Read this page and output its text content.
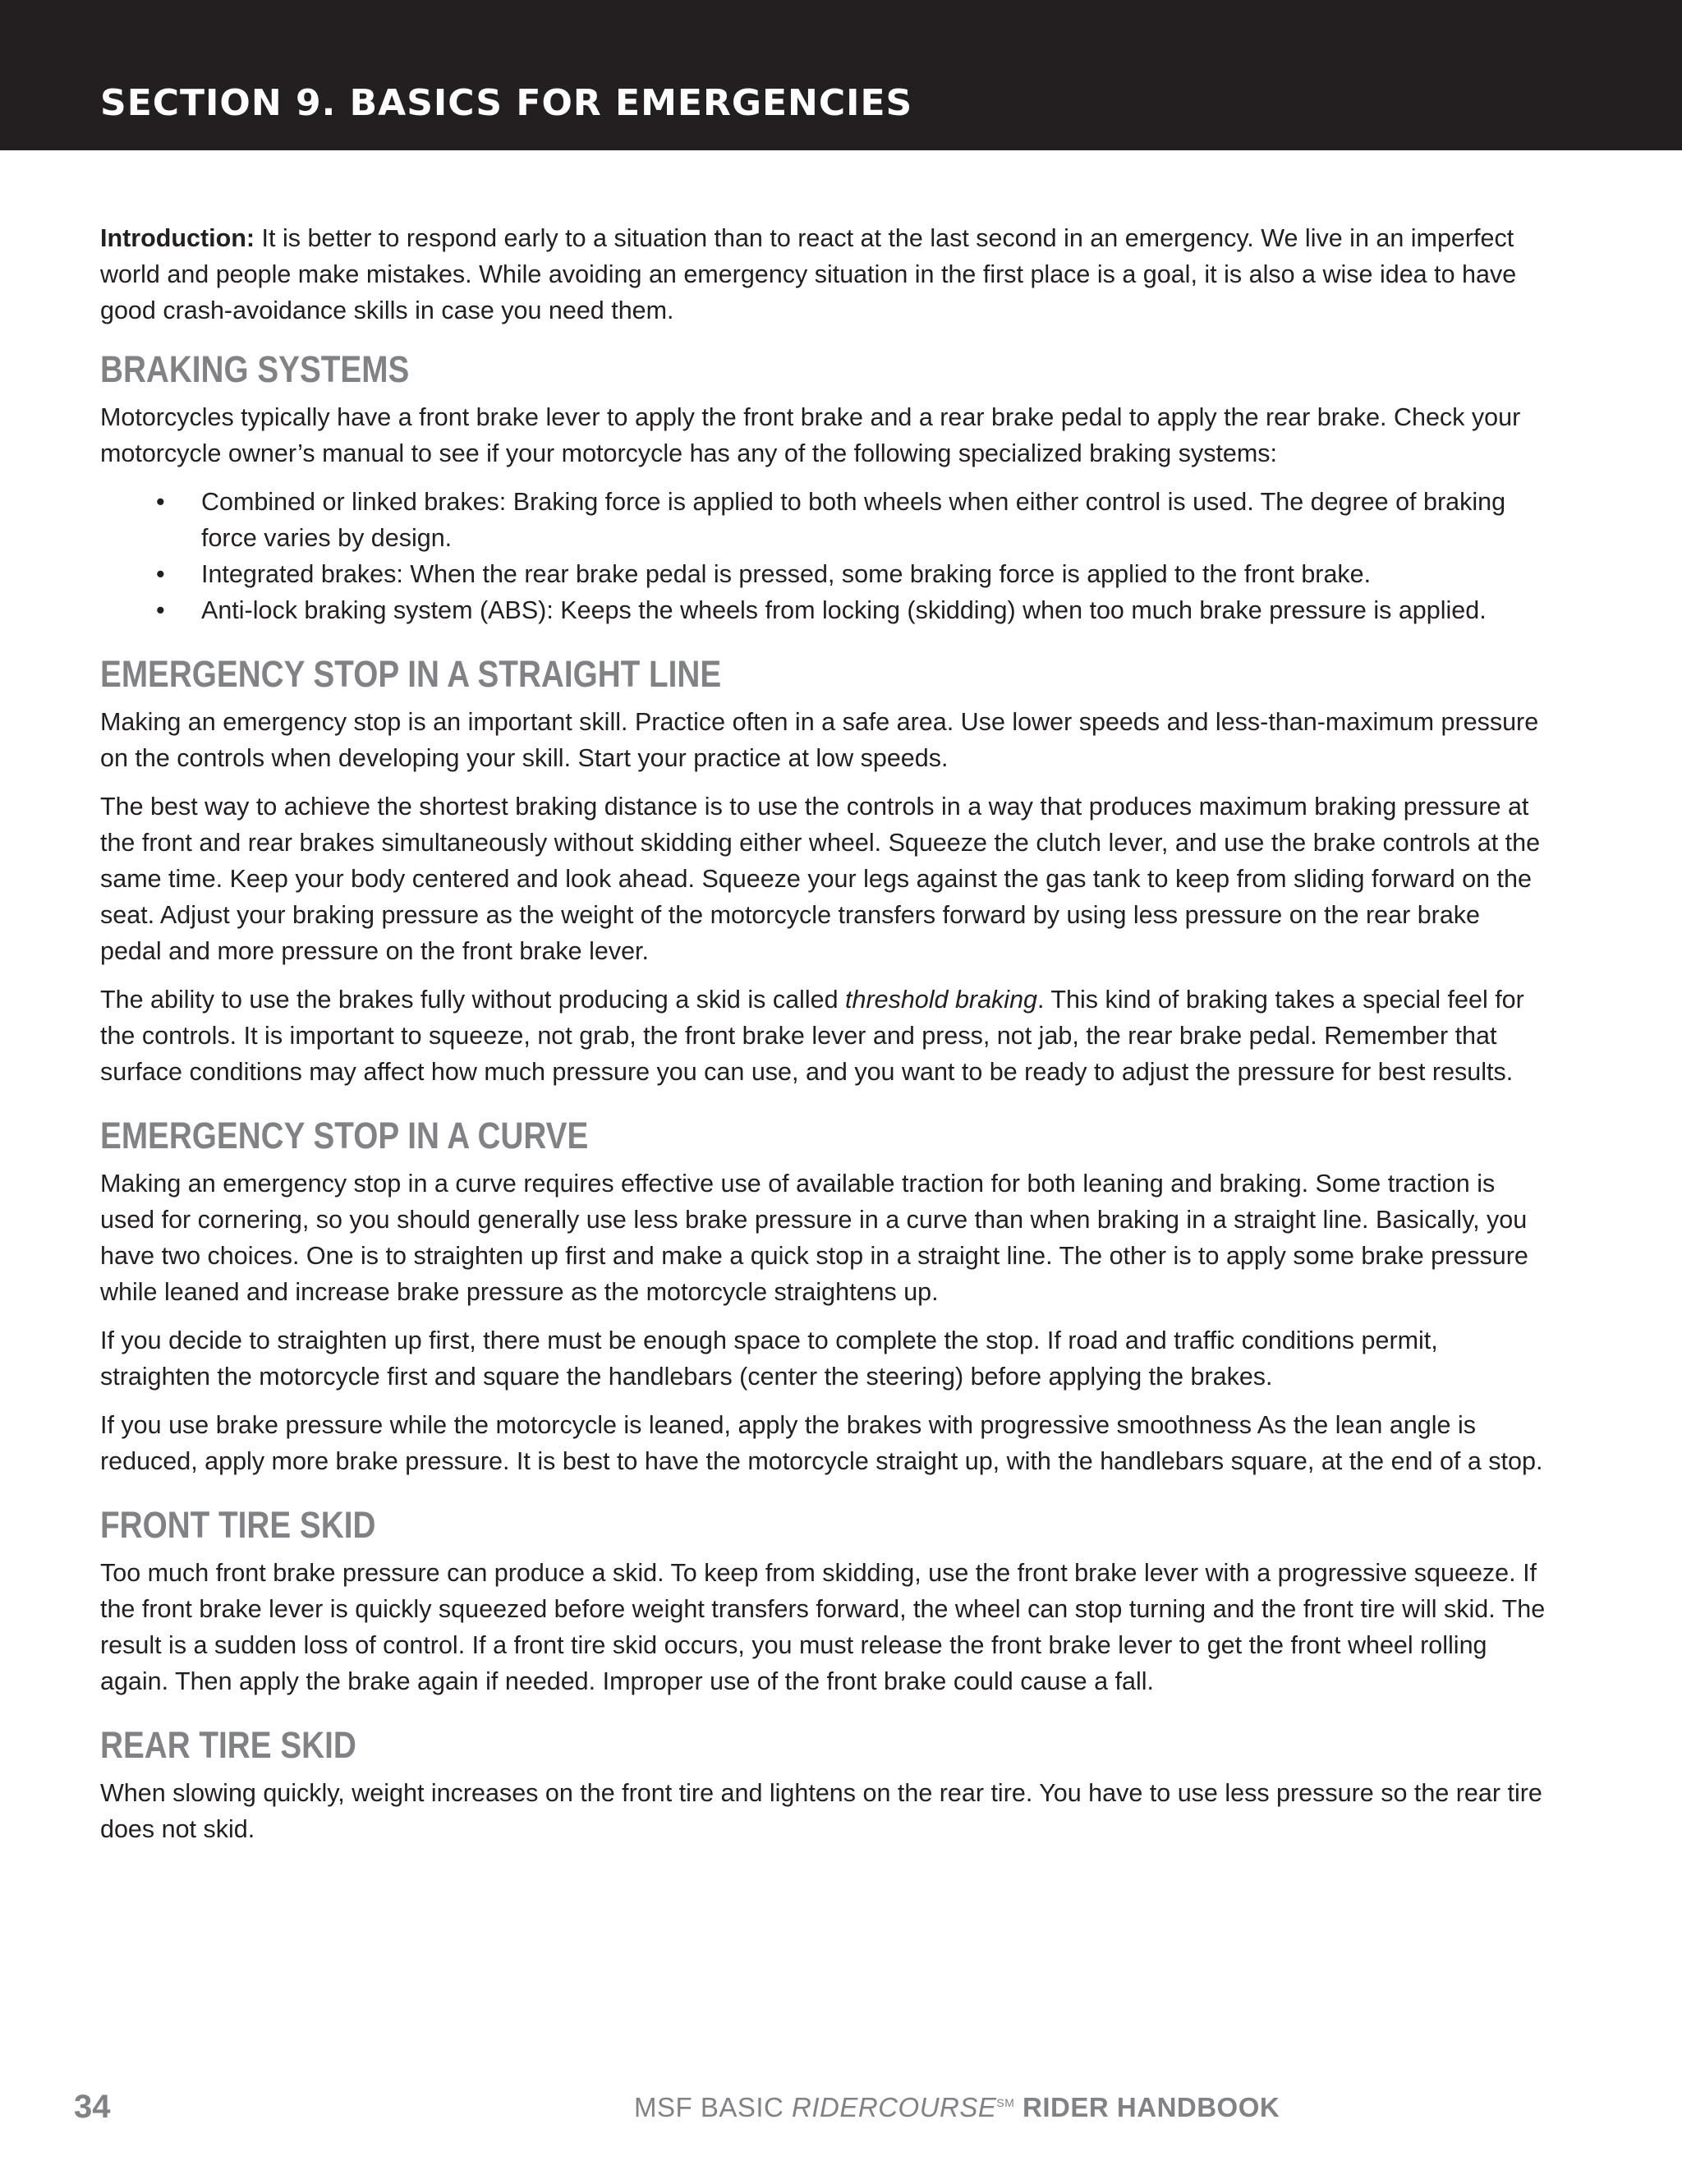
SECTION 9. BASICS FOR EMERGENCIES

Introduction: It is better to respond early to a situation than to react at the last second in an emergency. We live in an imperfect world and people make mistakes. While avoiding an emergency situation in the first place is a goal, it is also a wise idea to have good crash-avoidance skills in case you need them.

BRAKING SYSTEMS

Motorcycles typically have a front brake lever to apply the front brake and a rear brake pedal to apply the rear brake. Check your motorcycle owner’s manual to see if your motorcycle has any of the following specialized braking systems:

• Combined or linked brakes: Braking force is applied to both wheels when either control is used. The degree of braking force varies by design.
• Integrated brakes: When the rear brake pedal is pressed, some braking force is applied to the front brake.
• Anti-lock braking system (ABS): Keeps the wheels from locking (skidding) when too much brake pressure is applied.
EMERGENCY STOP IN A STRAIGHT LINE

Making an emergency stop is an important skill. Practice often in a safe area. Use lower speeds and less-than-maximum pressure on the controls when developing your skill. Start your practice at low speeds.

The best way to achieve the shortest braking distance is to use the controls in a way that produces maximum braking pressure at the front and rear brakes simultaneously without skidding either wheel. Squeeze the clutch lever, and use the brake controls at the same time. Keep your body centered and look ahead. Squeeze your legs against the gas tank to keep from sliding forward on the seat. Adjust your braking pressure as the weight of the motorcycle transfers forward by using less pressure on the rear brake pedal and more pressure on the front brake lever.

The ability to use the brakes fully without producing a skid is called threshold braking. This kind of braking takes a special feel for the controls. It is important to squeeze, not grab, the front brake lever and press, not jab, the rear brake pedal. Remember that surface conditions may affect how much pressure you can use, and you want to be ready to adjust the pressure for best results.

EMERGENCY STOP IN A CURVE

Making an emergency stop in a curve requires effective use of available traction for both leaning and braking. Some traction is used for cornering, so you should generally use less brake pressure in a curve than when braking in a straight line. Basically, you have two choices. One is to straighten up first and make a quick stop in a straight line. The other is to apply some brake pressure while leaned and increase brake pressure as the motorcycle straightens up.

If you decide to straighten up first, there must be enough space to complete the stop. If road and traffic conditions permit, straighten the motorcycle first and square the handlebars (center the steering) before applying the brakes.

If you use brake pressure while the motorcycle is leaned, apply the brakes with progressive smoothness As the lean angle is reduced, apply more brake pressure. It is best to have the motorcycle straight up, with the handlebars square, at the end of a stop.

FRONT TIRE SKID

Too much front brake pressure can produce a skid. To keep from skidding, use the front brake lever with a progressive squeeze. If the front brake lever is quickly squeezed before weight transfers forward, the wheel can stop turning and the front tire will skid. The result is a sudden loss of control. If a front tire skid occurs, you must release the front brake lever to get the front wheel rolling again. Then apply the brake again if needed. Improper use of the front brake could cause a fall.

REAR TIRE SKID

When slowing quickly, weight increases on the front tire and lightens on the rear tire. You have to use less pressure so the rear tire does not skid.

34	MSF BASIC RIDERCOURSE℠ RIDER HANDBOOK
